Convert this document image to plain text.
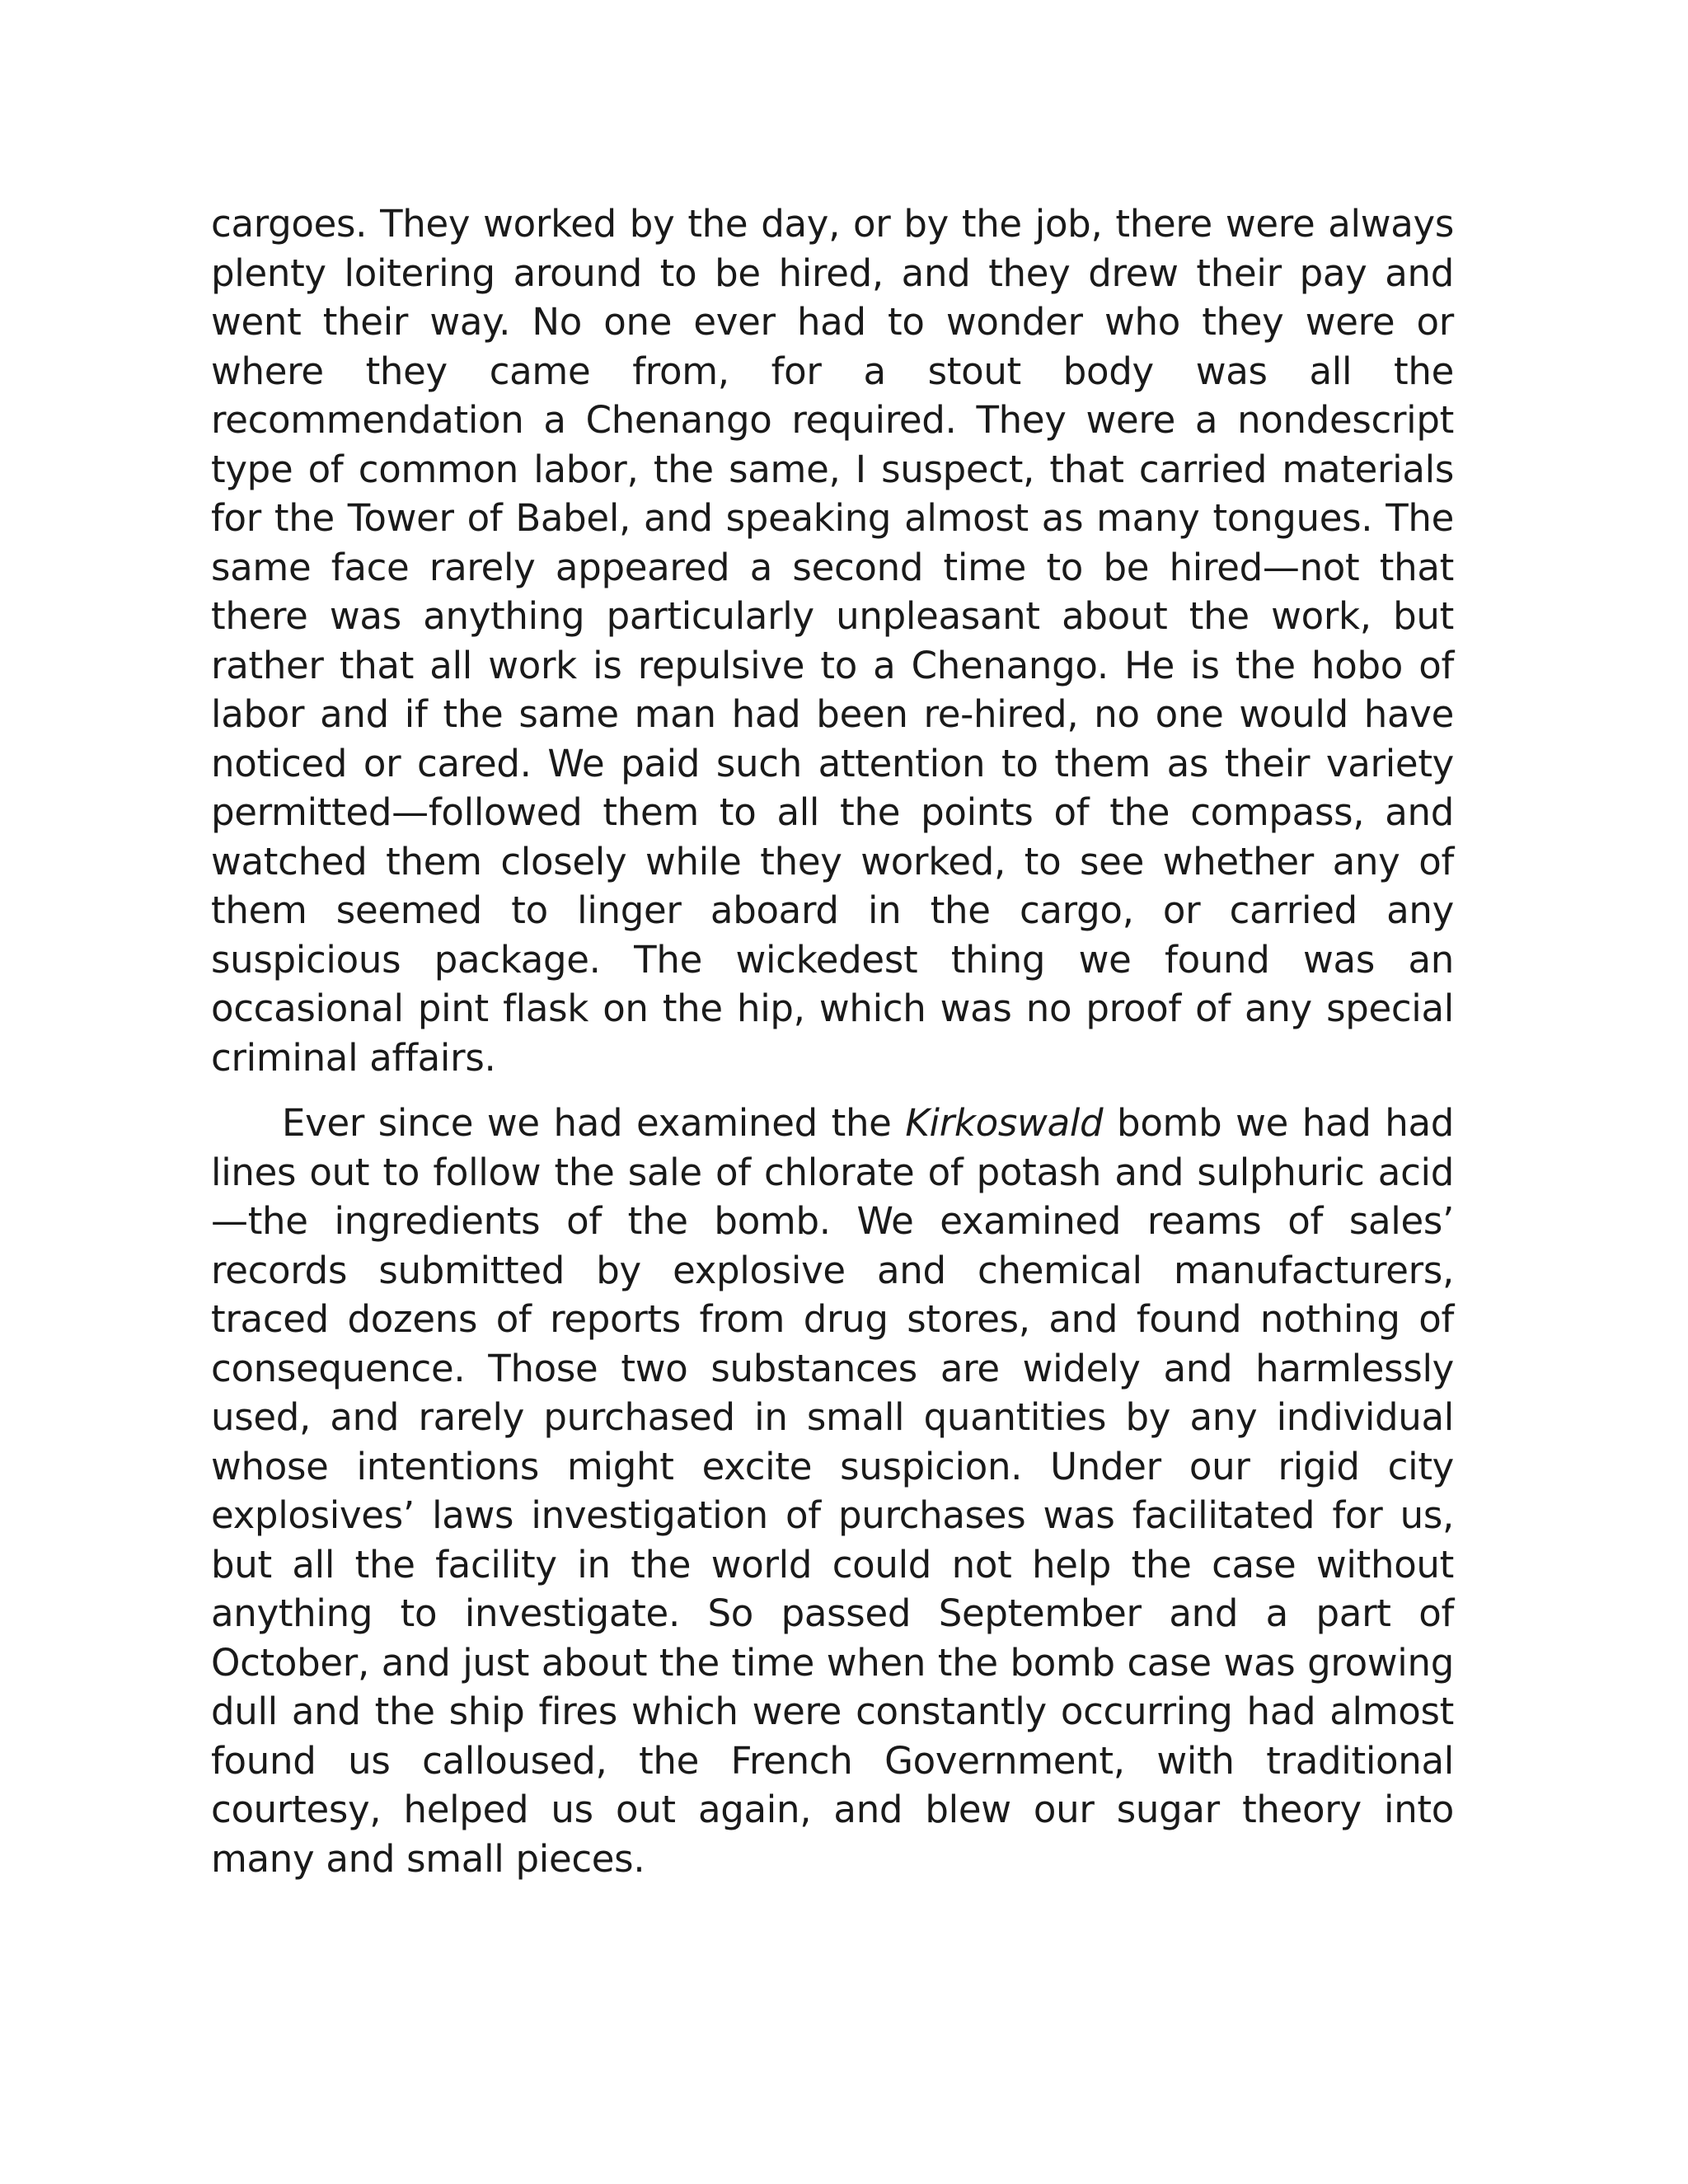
cargoes. They worked by the day, or by the job, there were always plenty loitering around to be hired, and they drew their pay and went their way. No one ever had to wonder who they were or where they came from, for a stout body was all the recommendation a Chenango required. They were a nondescript type of common labor, the same, I suspect, that carried materials for the Tower of Babel, and speaking almost as many tongues. The same face rarely appeared a second time to be hired—not that there was anything particularly unpleasant about the work, but rather that all work is repulsive to a Chenango. He is the hobo of labor and if the same man had been re-hired, no one would have noticed or cared. We paid such attention to them as their variety permitted—followed them to all the points of the compass, and watched them closely while they worked, to see whether any of them seemed to linger aboard in the cargo, or carried any suspicious package. The wickedest thing we found was an occasional pint flask on the hip, which was no proof of any special criminal affairs.

Ever since we had examined the Kirkoswald bomb we had had lines out to follow the sale of chlorate of potash and sulphuric acid—the ingredients of the bomb. We examined reams of sales’ records submitted by explosive and chemical manufacturers, traced dozens of reports from drug stores, and found nothing of consequence. Those two substances are widely and harmlessly used, and rarely purchased in small quantities by any individual whose intentions might excite suspicion. Under our rigid city explosives’ laws investigation of purchases was facilitated for us, but all the facility in the world could not help the case without anything to investigate. So passed September and a part of October, and just about the time when the bomb case was growing dull and the ship fires which were constantly occurring had almost found us calloused, the French Government, with traditional courtesy, helped us out again, and blew our sugar theory into many and small pieces.
